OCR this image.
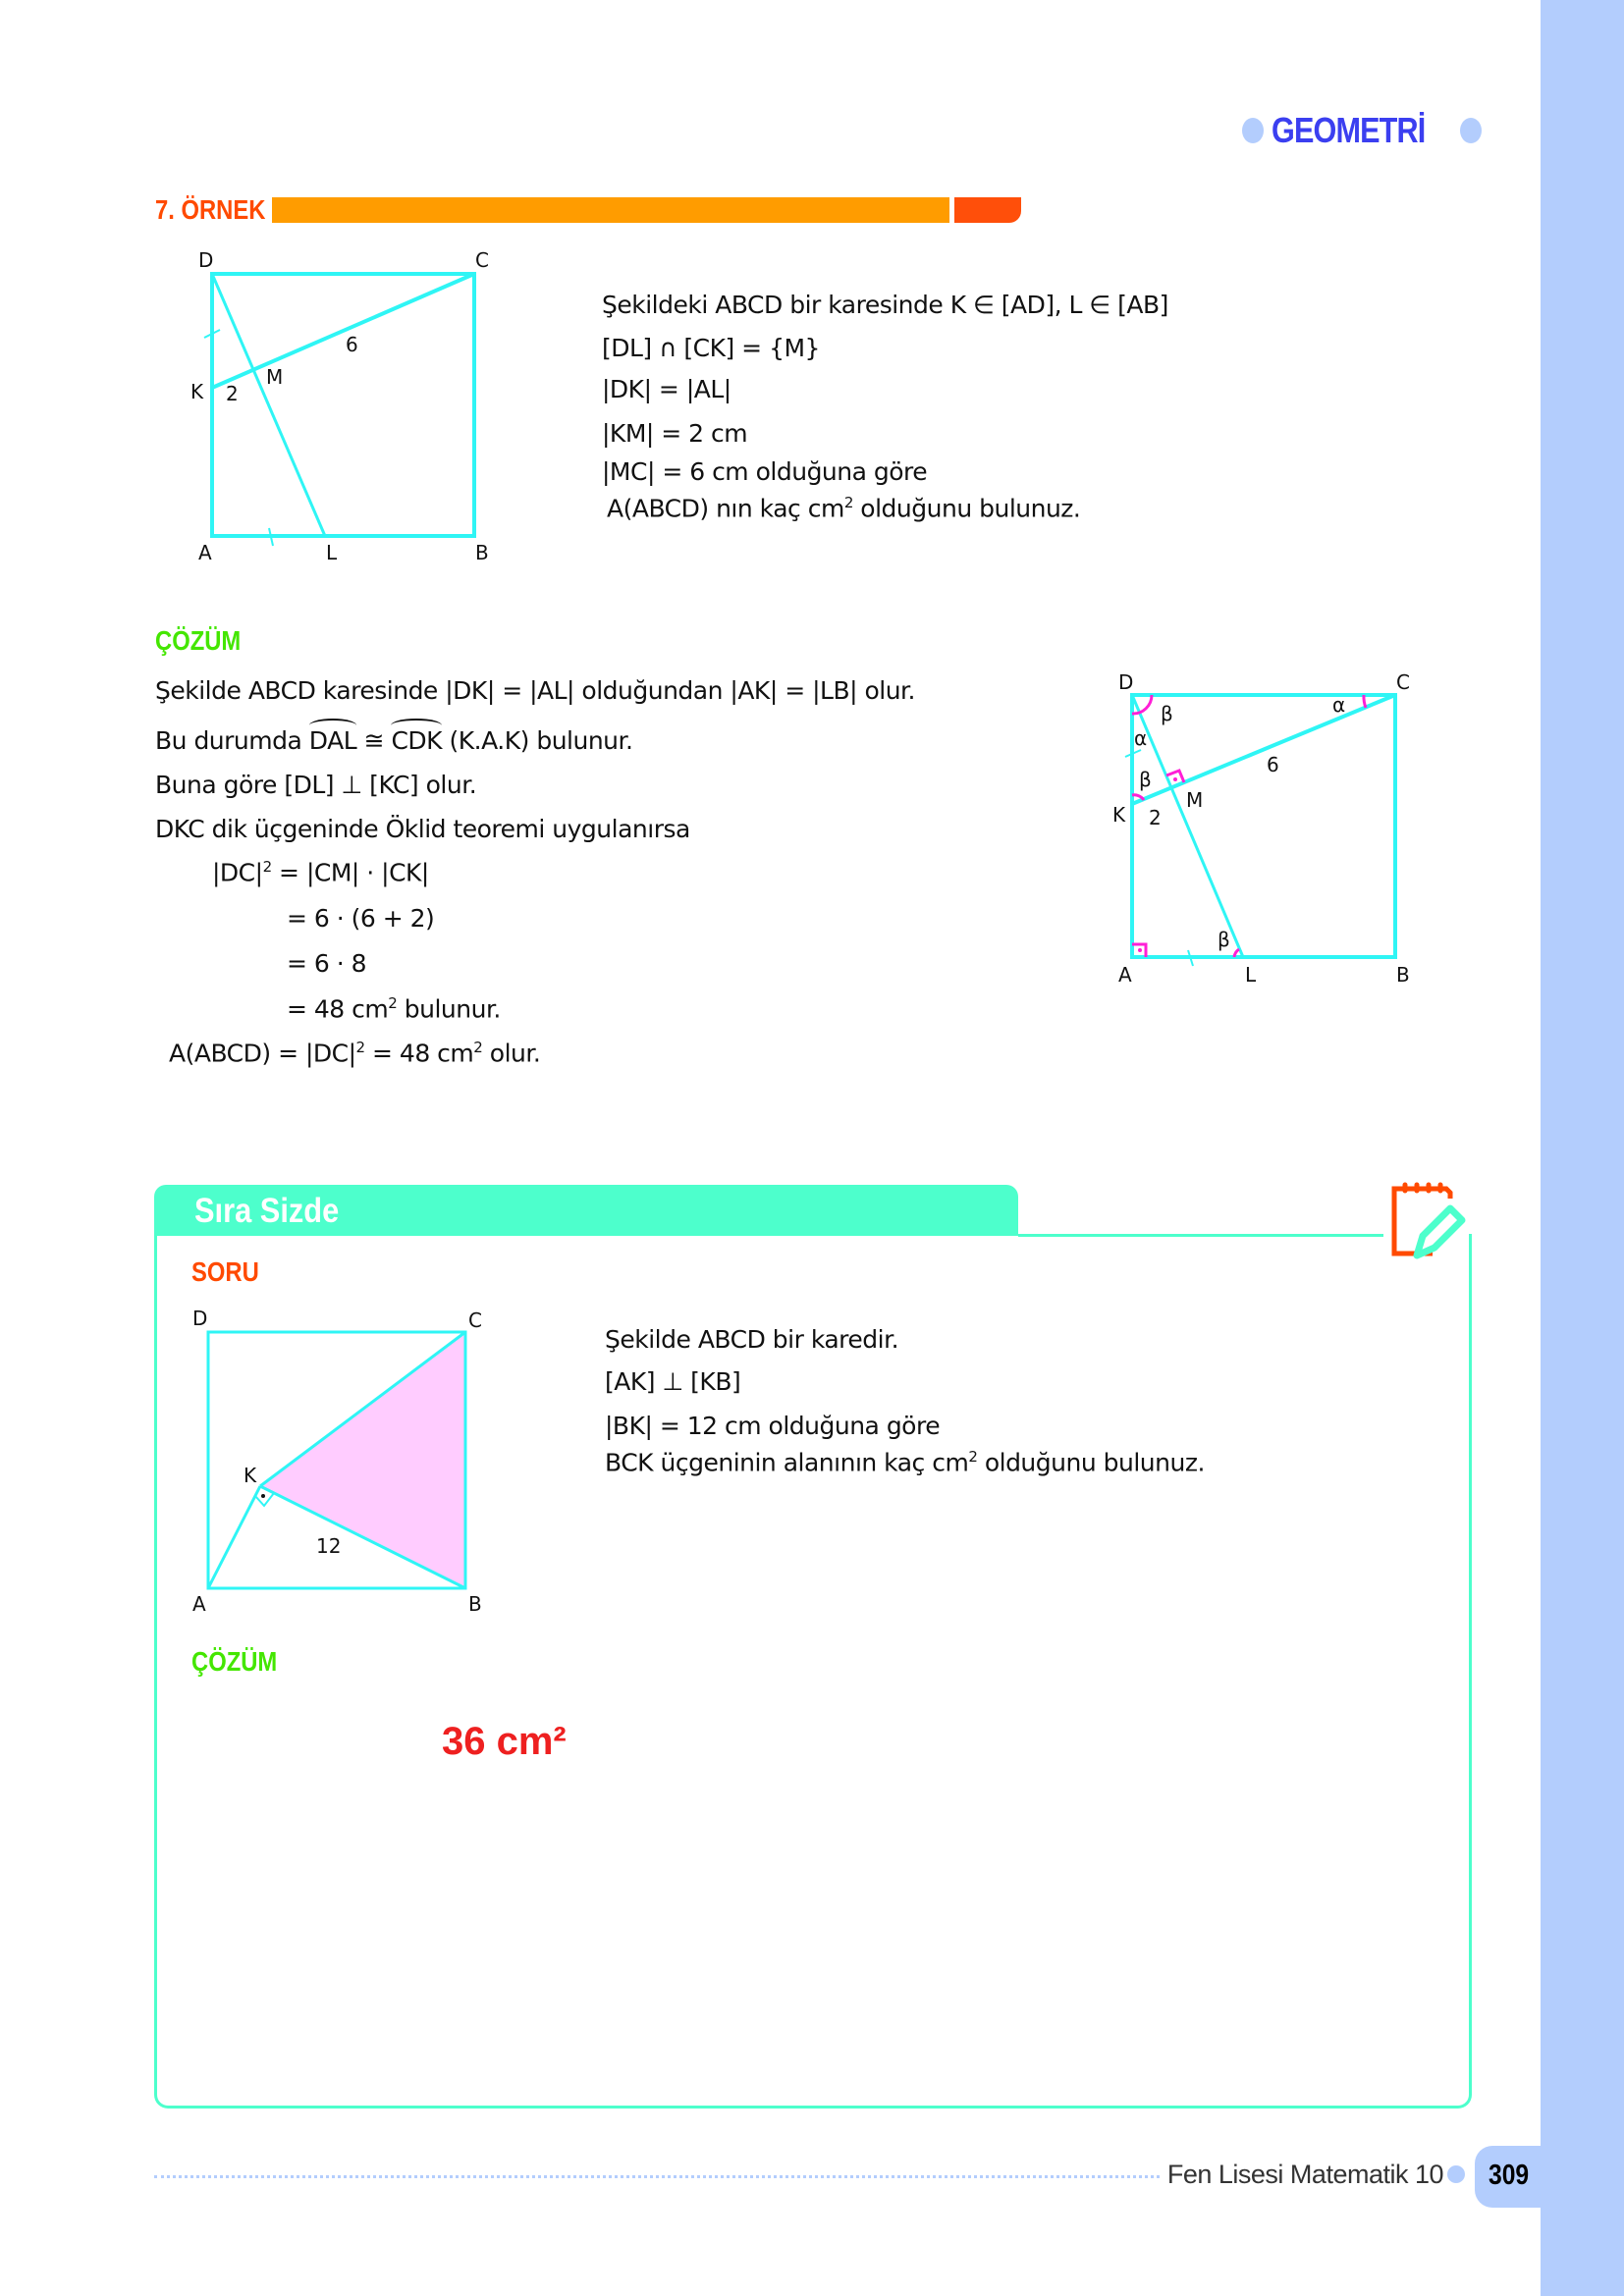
GEOMETRİ
7. ÖRNEK
Şekildeki ABCD bir karesinde K ∈ [AD], L ∈ [AB]
[DL] ∩ [CK] = {M}
|DK| = |AL|
|KM| = 2 cm
|MC| = 6 cm olduğuna göre
A(ABCD) nın kaç $cm^2$ olduğunu bulunuz.
ÇÖZÜM
Şekilde ABCD karesinde |DK| = |AL| olduğundan |AK| = |LB| olur.
Bu durumda DAL ≅ CDK (K.A.K) bulunur.
Buna göre [DL] ⊥ [KC] olur.
DKC dik üçgeninde Öklid teoremi uygulanırsa
$|DC|^2 = |CM| \cdot |CK|$
= 6 · (6 + 2)
= 6 · 8
= 48 $cm^2$ bulunur.
A(ABCD) = $|DC|^2 = 48$ $cm^2$ olur.
Sıra Sizde
SORU
Şekilde ABCD bir karedir.
[AK] ⊥ [KB]
|BK| = 12 cm olduğuna göre
BCK üçgeninin alanının kaç $cm^2$ olduğunu bulunuz.
ÇÖZÜM
36 cm²
D	C
A	L	B
K
M
2
6
D	C
A	L	B
K
M
2
6
β	α
α
β
β
D	C
A	B
K
12
Fen Lisesi Matematik 10 309
